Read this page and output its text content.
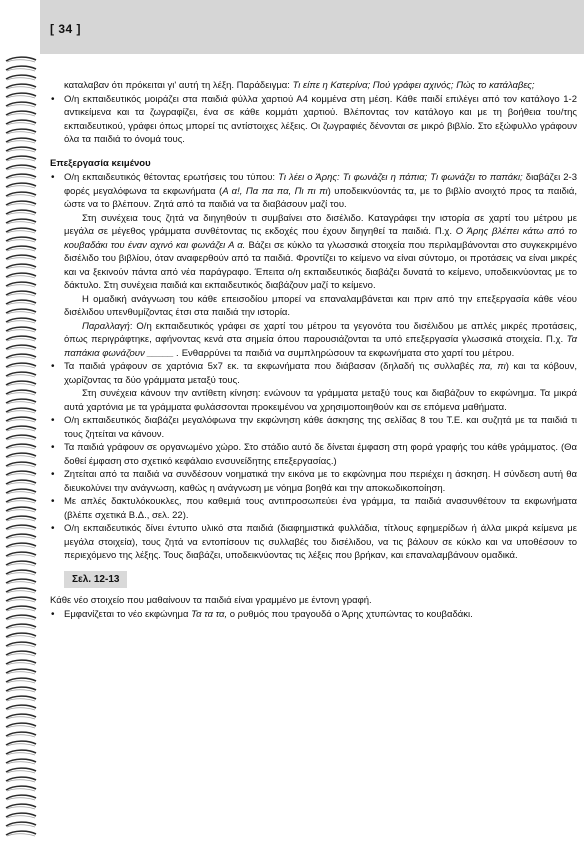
[ 34 ]

καταλαβαν ότι πρόκειται γι' αυτή τη λέξη. Παράδειγμα: Τι είπε η Κατερίνα; Πού γράφει αχινός; Πώς το κατάλαβες;

• Ο/η εκπαιδευτικός μοιράζει στα παιδιά φύλλα χαρτιού Α4 κομμένα στη μέση. Κάθε παιδί επιλέγει από τον κατάλογο 1-2 αντικείμενα και τα ζωγραφίζει, ένα σε κάθε κομμάτι χαρτιού. Βλέποντας τον κατάλογο και με τη βοήθεια του/της εκπαιδευτικού, γράφει όπως μπορεί τις αντίστοιχες λέξεις. Οι ζωγραφιές δένονται σε μικρό βιβλίο. Στο εξώφυλλο γράφουν όλα τα παιδιά το όνομά τους.

Επεξεργασία κειμένου

• Ο/η εκπαιδευτικός θέτοντας ερωτήσεις του τύπου: Τι λέει ο Άρης: Τι φωνάζει η πάπια; Τι φωνάζει το παπάκι; διαβάζει 2-3 φορές μεγαλόφωνα τα εκφωνήματα (Α α!, Πα πα πα, Πι πι πι) υποδεικνύοντάς τα, με το βιβλίο ανοιχτό προς τα παιδιά, ώστε να το βλέπουν. Ζητά από τα παιδιά να τα διαβάσουν μαζί του.

Στη συνέχεια τους ζητά να διηγηθούν τι συμβαίνει στο δισέλιδο. Καταγράφει την ιστορία σε χαρτί του μέτρου με μεγάλα σε μέγεθος γράμματα συνθέτοντας τις εκδοχές που έχουν διηγηθεί τα παιδιά. Π.χ. Ο Άρης βλέπει κάτω από το κουβαδάκι του έναν αχινό και φωνάζει Α α. Βάζει σε κύκλο τα γλωσσικά στοιχεία που περιλαμβάνονται στο συγκεκριμένο δισέλιδο του βιβλίου, όταν αναφερθούν από τα παιδιά. Φροντίζει το κείμενο να είναι σύντομο, οι προτάσεις να είναι μικρές και να ξεκινούν πάντα από νέα παράγραφο. Έπειτα ο/η εκπαιδευτικός διαβάζει δυνατά το κείμενο, υποδεικνύοντας με το δάκτυλο. Στη συνέχεια παιδιά και εκπαιδευτικός διαβάζουν μαζί το κείμενο.

Η ομαδική ανάγνωση του κάθε επεισοδίου μπορεί να επαναλαμβάνεται και πριν από την επεξεργασία κάθε νέου δισέλιδου υπενθυμίζοντας έτσι στα παιδιά την ιστορία.

Παραλλαγή: Ο/η εκπαιδευτικός γράφει σε χαρτί του μέτρου τα γεγονότα του δισέλιδου με απλές μικρές προτάσεις, όπως περιγράφτηκε, αφήνοντας κενά στα σημεία όπου παρουσιάζονται τα υπό επεξεργασία γλωσσικά στοιχεία. Π.χ. Τα παπάκια φωνάζουν _____ . Ενθαρρύνει τα παιδιά να συμπληρώσουν τα εκφωνήματα στο χαρτί του μέτρου.

• Τα παιδιά γράφουν σε χαρτόνια 5x7 εκ. τα εκφωνήματα που διάβασαν (δηλαδή τις συλλαβές πα, πι) και τα κόβουν, χωρίζοντας τα δύο γράμματα μεταξύ τους.

Στη συνέχεια κάνουν την αντίθετη κίνηση: ενώνουν τα γράμματα μεταξύ τους και διαβάζουν το εκφώνημα. Τα μικρά αυτά χαρτόνια με τα γράμματα φυλάσσονται προκειμένου να χρησιμοποιηθούν και σε επόμενα μαθήματα.

• Ο/η εκπαιδευτικός διαβάζει μεγαλόφωνα την εκφώνηση κάθε άσκησης της σελίδας 8 του Τ.Ε. και συζητά με τα παιδιά τι τους ζητείται να κάνουν.

• Τα παιδιά γράφουν σε οργανωμένο χώρο. Στο στάδιο αυτό δε δίνεται έμφαση στη φορά γραφής του κάθε γράμματος. (Θα δοθεί έμφαση στο σχετικό κεφάλαιο ενσυνείδητης επεξεργασίας.)

• Ζητείται από τα παιδιά να συνδέσουν νοηματικά την εικόνα με το εκφώνημα που περιέχει η άσκηση. Η σύνδεση αυτή θα διευκολύνει την ανάγνωση, καθώς η ανάγνωση με νόημα βοηθά και την αποκωδικοποίηση.

• Με απλές δακτυλόκουκλες, που καθεμιά τους αντιπροσωπεύει ένα γράμμα, τα παιδιά ανασυνθέτουν τα εκφωνήματα (βλέπε σχετικά Β.Δ., σελ. 22).

• Ο/η εκπαιδευτικός δίνει έντυπο υλικό στα παιδιά (διαφημιστικά φυλλάδια, τίτλους εφημερίδων ή άλλα μικρά κείμενα με μεγάλα στοιχεία), τους ζητά να εντοπίσουν τις συλλαβές του δισέλιδου, να τις βάλουν σε κύκλο και να υποθέσουν το περιεχόμενο της λέξης. Τους διαβάζει, υποδεικνύοντας τις λέξεις που βρήκαν, και επαναλαμβάνουν ομαδικά.

Σελ. 12-13

Κάθε νέο στοιχείο που μαθαίνουν τα παιδιά είναι γραμμένο με έντονη γραφή.

• Εμφανίζεται το νέο εκφώνημα Τα τα τα, ο ρυθμός που τραγουδά ο Άρης χτυπώντας το κουβαδάκι.
